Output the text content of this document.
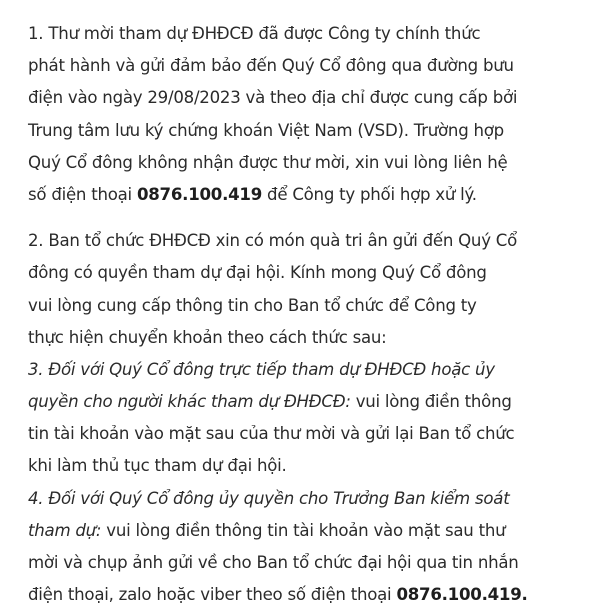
1. Thư mời tham dự ĐHĐCĐ đã được Công ty chính thức
phát hành và gửi đảm bảo đến Quý Cổ đông qua đường bưu
điện vào ngày 29/08/2023 và theo địa chỉ được cung cấp bởi
Trung tâm lưu ký chứng khoán Việt Nam (VSD). Trường hợp
Quý Cổ đông không nhận được thư mời, xin vui lòng liên hệ
số điện thoại 0876.100.419 để Công ty phối hợp xử lý.
2. Ban tổ chức ĐHĐCĐ xin có món quà tri ân gửi đến Quý Cổ
đông có quyền tham dự đại hội. Kính mong Quý Cổ đông
vui lòng cung cấp thông tin cho Ban tổ chức để Công ty
thực hiện chuyển khoản theo cách thức sau:
3. Đối với Quý Cổ đông trực tiếp tham dự ĐHĐCĐ hoặc ủy
quyền cho người khác tham dự ĐHĐCĐ: vui lòng điền thông
tin tài khoản vào mặt sau của thư mời và gửi lại Ban tổ chức
khi làm thủ tục tham dự đại hội.
4. Đối với Quý Cổ đông ủy quyền cho Trưởng Ban kiểm soát
tham dự: vui lòng điền thông tin tài khoản vào mặt sau thư
mời và chụp ảnh gửi về cho Ban tổ chức đại hội qua tin nhắn
điện thoại, zalo hoặc viber theo số điện thoại 0876.100.419.
